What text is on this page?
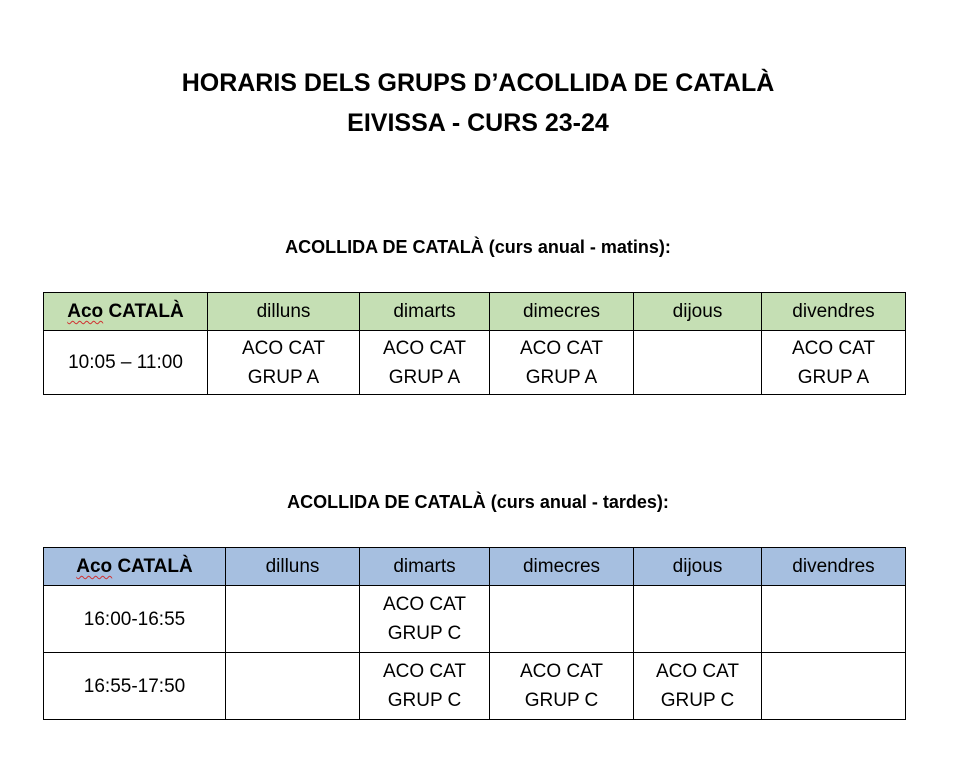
HORARIS DELS GRUPS D’ACOLLIDA DE CATALÀ
EIVISSA - CURS 23-24
ACOLLIDA DE CATALÀ (curs anual - matins):
Aco CATALÀ	dilluns	dimarts	dimecres	dijous	divendres
10:05 – 11:00	ACO CAT
GRUP A	ACO CAT
GRUP A	ACO CAT
GRUP A		ACO CAT
GRUP A
ACOLLIDA DE CATALÀ (curs anual - tardes):
Aco CATALÀ	dilluns	dimarts	dimecres	dijous	divendres
16:00-16:55		ACO CAT
GRUP C			

16:55-17:50		ACO CAT
GRUP C	ACO CAT
GRUP C	ACO CAT
GRUP C	
